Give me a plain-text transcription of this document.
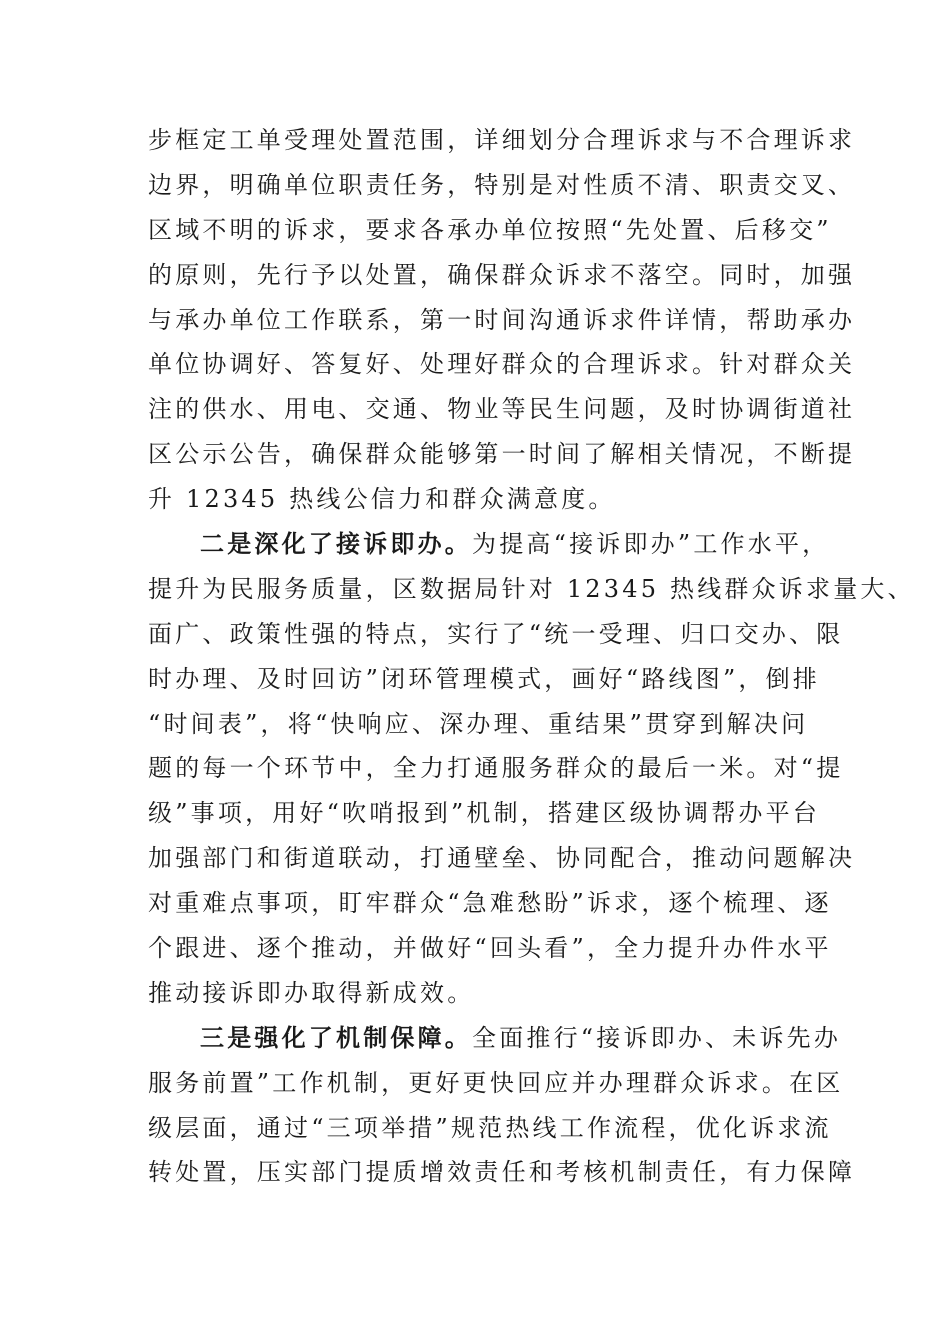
步框定工单受理处置范围，详细划分合理诉求与不合理诉求
边界，明确单位职责任务，特别是对性质不清、职责交叉、
区域不明的诉求，要求各承办单位按照“先处置、后移交”
的原则，先行予以处置，确保群众诉求不落空。同时，加强
与承办单位工作联系，第一时间沟通诉求件详情，帮助承办
单位协调好、答复好、处理好群众的合理诉求。针对群众关
注的供水、用电、交通、物业等民生问题，及时协调街道社
区公示公告，确保群众能够第一时间了解相关情况，不断提
升 12345 热线公信力和群众满意度。
二是深化了接诉即办。为提高“接诉即办”工作水平，
提升为民服务质量，区数据局针对 12345 热线群众诉求量大、
面广、政策性强的特点，实行了“统一受理、归口交办、限
时办理、及时回访”闭环管理模式，画好“路线图”，倒排
“时间表”，将“快响应、深办理、重结果”贯穿到解决问
题的每一个环节中，全力打通服务群众的最后一米。对“提
级”事项，用好“吹哨报到”机制，搭建区级协调帮办平台
加强部门和街道联动，打通壁垒、协同配合，推动问题解决
对重难点事项，盯牢群众“急难愁盼”诉求，逐个梳理、逐
个跟进、逐个推动，并做好“回头看”，全力提升办件水平
推动接诉即办取得新成效。
三是强化了机制保障。全面推行“接诉即办、未诉先办
服务前置”工作机制，更好更快回应并办理群众诉求。在区
级层面，通过“三项举措”规范热线工作流程，优化诉求流
转处置，压实部门提质增效责任和考核机制责任，有力保障
